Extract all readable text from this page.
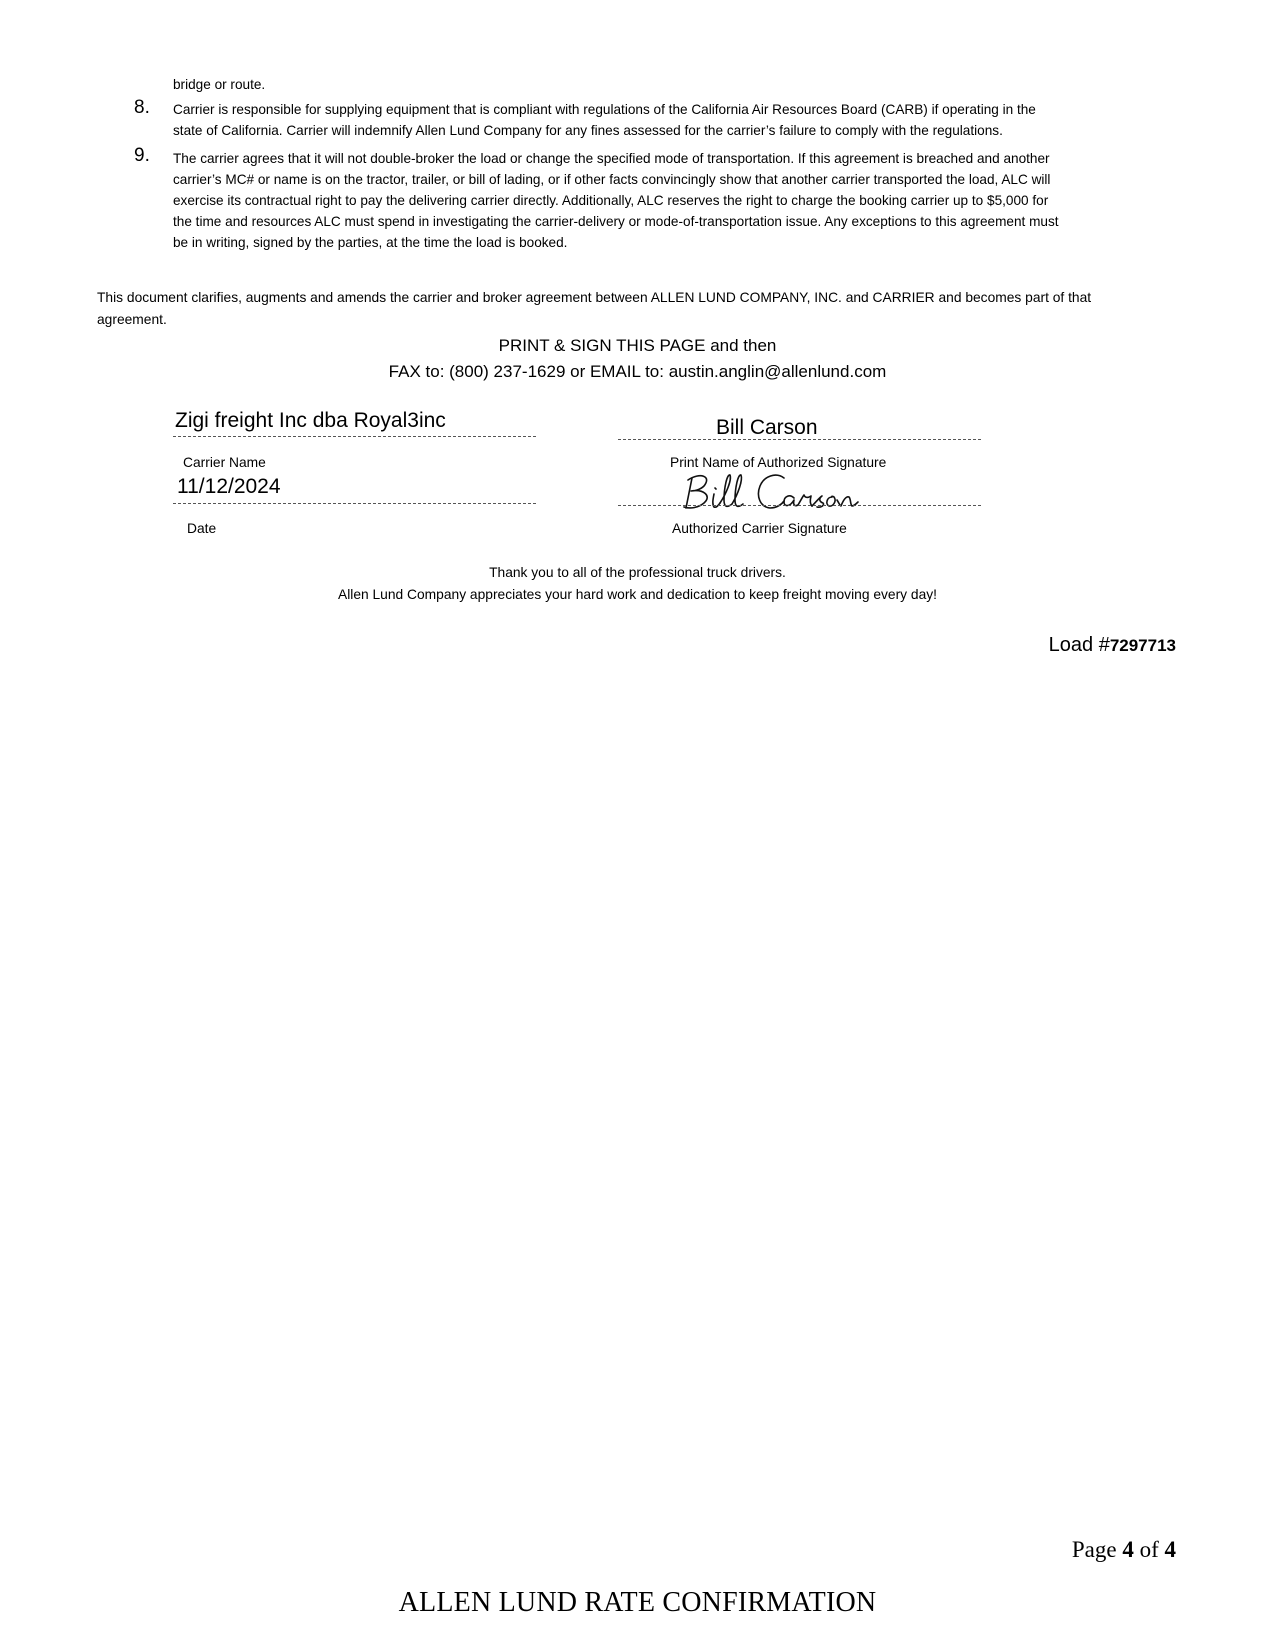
bridge or route.
8. Carrier is responsible for supplying equipment that is compliant with regulations of the California Air Resources Board (CARB) if operating in the
state of California. Carrier will indemnify Allen Lund Company for any fines assessed for the carrier’s failure to comply with the regulations.
9. The carrier agrees that it will not double-broker the load or change the specified mode of transportation. If this agreement is breached and another
carrier’s MC# or name is on the tractor, trailer, or bill of lading, or if other facts convincingly show that another carrier transported the load, ALC will
exercise its contractual right to pay the delivering carrier directly. Additionally, ALC reserves the right to charge the booking carrier up to $5,000 for
the time and resources ALC must spend in investigating the carrier-delivery or mode-of-transportation issue. Any exceptions to this agreement must
be in writing, signed by the parties, at the time the load is booked.
This document clarifies, augments and amends the carrier and broker agreement between ALLEN LUND COMPANY, INC. and CARRIER and becomes part of that
agreement.
PRINT & SIGN THIS PAGE and then
FAX to: (800) 237-1629 or EMAIL to: austin.anglin@allenlund.com
Zigi freight Inc dba Royal3inc
Carrier Name
Bill Carson
Print Name of Authorized Signature
11/12/2024
Date	Authorized Carrier Signature
Thank you to all of the professional truck drivers.
Allen Lund Company appreciates your hard work and dedication to keep freight moving every day!
Load #7297713
Page 4 of 4
ALLEN LUND RATE CONFIRMATION
